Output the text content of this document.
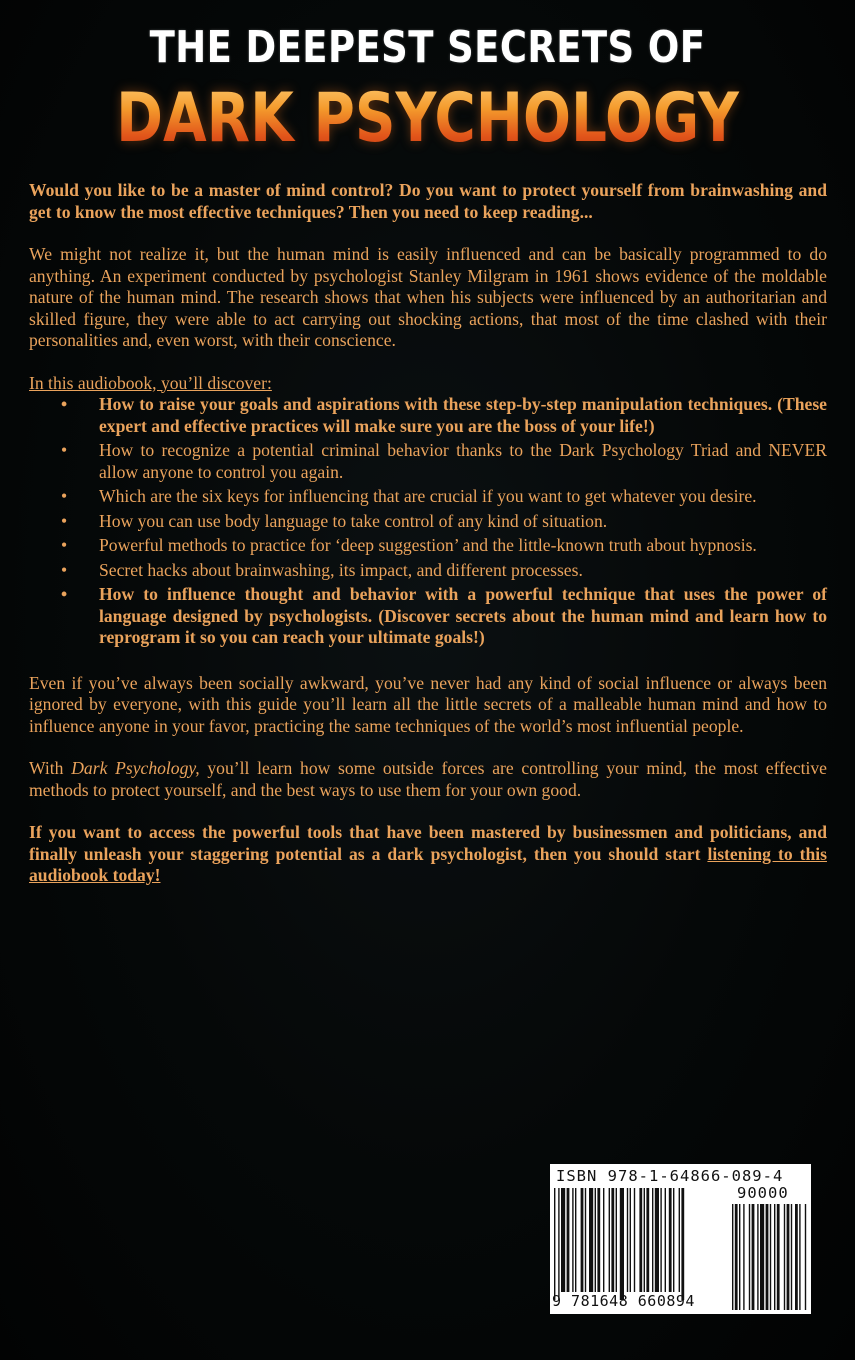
THE DEEPEST SECRETS OF
DARK PSYCHOLOGY

Would you like to be a master of mind control? Do you want to protect yourself from brainwashing and get to know the most effective techniques? Then you need to keep reading...

We might not realize it, but the human mind is easily influenced and can be basically programmed to do anything. An experiment conducted by psychologist Stanley Milgram in 1961 shows evidence of the moldable nature of the human mind. The research shows that when his subjects were influenced by an authoritarian and skilled figure, they were able to act carrying out shocking actions, that most of the time clashed with their personalities and, even worst, with their conscience.

In this audiobook, you’ll discover:

• How to raise your goals and aspirations with these step-by-step manipulation techniques. (These expert and effective practices will make sure you are the boss of your life!)
• How to recognize a potential criminal behavior thanks to the Dark Psychology Triad and NEVER allow anyone to control you again.
• Which are the six keys for influencing that are crucial if you want to get whatever you desire.
• How you can use body language to take control of any kind of situation.
• Powerful methods to practice for ‘deep suggestion’ and the little-known truth about hypnosis.
• Secret hacks about brainwashing, its impact, and different processes.
• How to influence thought and behavior with a powerful technique that uses the power of language designed by psychologists. (Discover secrets about the human mind and learn how to reprogram it so you can reach your ultimate goals!)

Even if you’ve always been socially awkward, you’ve never had any kind of social influence or always been ignored by everyone, with this guide you’ll learn all the little secrets of a malleable human mind and how to influence anyone in your favor, practicing the same techniques of the world’s most influential people.

With Dark Psychology, you’ll learn how some outside forces are controlling your mind, the most effective methods to protect yourself, and the best ways to use them for your own good.

If you want to access the powerful tools that have been mastered by businessmen and politicians, and finally unleash your staggering potential as a dark psychologist, then you should start listening to this audiobook today!

ISBN 978-1-64866-089-4
90000
9 781648 660894
